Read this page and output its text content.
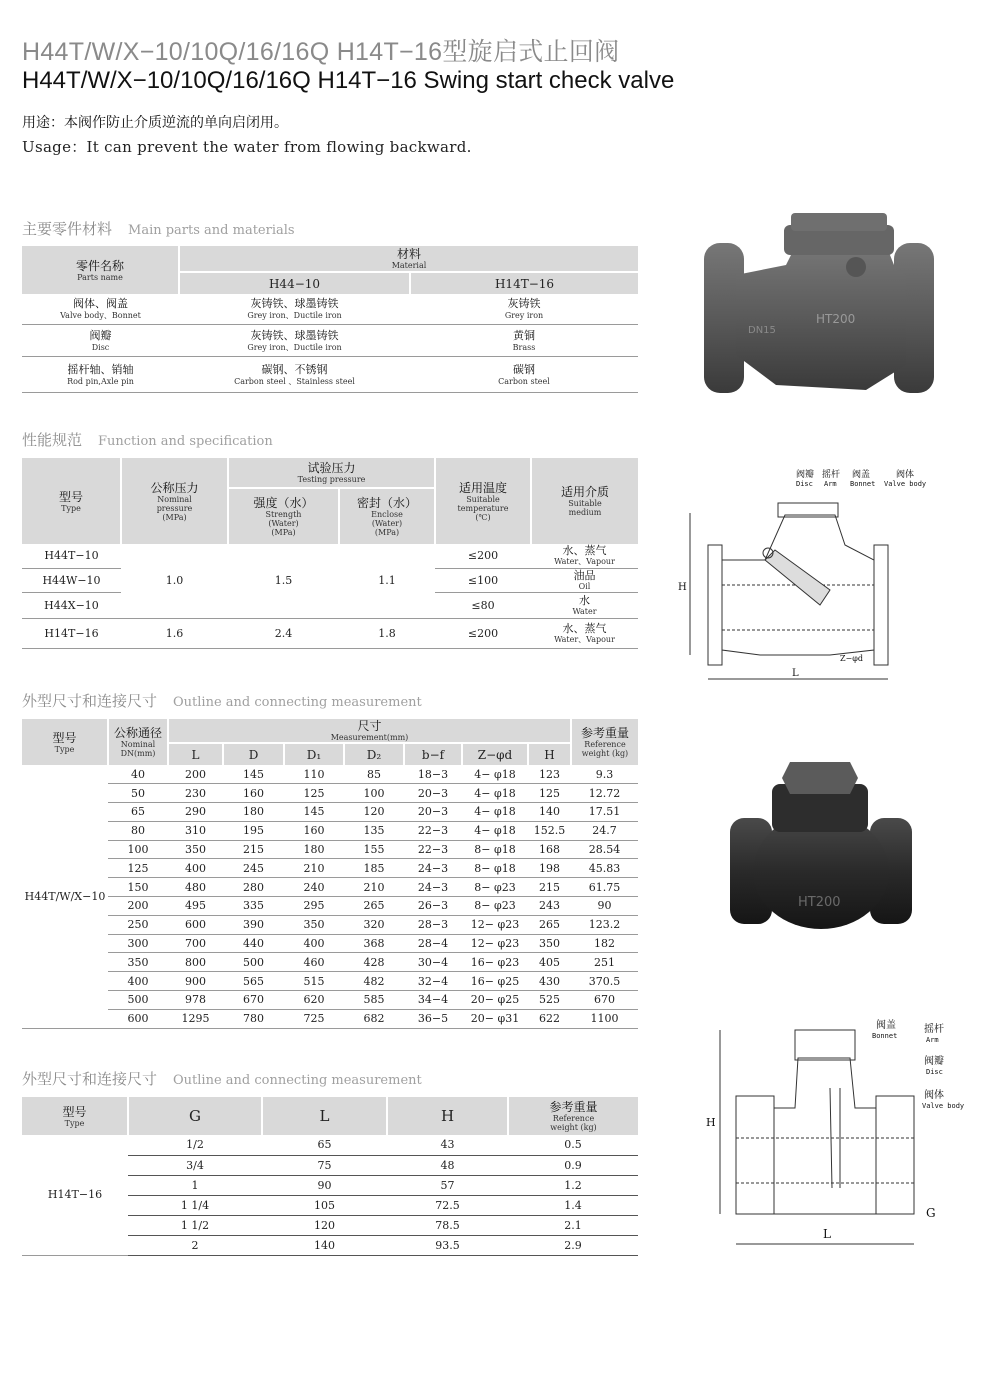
H44T/W/X−10/10Q/16/16Q H14T−16型旋启式止回阀
H44T/W/X−10/10Q/16/16Q H14T−16 Swing start check valve
用途：本阀作防止介质逆流的单向启闭用。
Usage：It can prevent the water from flowing backward.
主要零件材料 Main parts and materials
零件名称
Parts name	材料
Material	

	H44−10	H14T−16

阀体、阀盖
Valve body、Bonnet	灰铸铁、球墨铸铁
Grey iron、Ductile iron	灰铸铁
Grey iron

阀瓣
Disc	灰铸铁、球墨铸铁
Grey iron、Ductile iron	黄铜
Brass

摇杆轴、销轴
Rod pin,Axle pin	碳钢、不锈钢
Carbon steel 、Stainless steel	碳钢
Carbon steel
性能规范 Function and specification
型号
Type	公称压力
Nominal
pressure
(MPa)	试验压力
Testing pressure		适用温度
Suitable
temperature
(℃)	适用介质
Suitable
medium

		强度（水）
Strength
(Water)
(MPa)	密封（水）
Enclose
(Water)
(MPa)		

H44T−10	1.0	1.5	1.1	≤200	水、蒸气
Water、Vapour

H44W−10				≤100	油品
Oil

H44X−10				≤80	水
Water

H14T−16	1.6	2.4	1.8	≤200	水、蒸气
Water、Vapour
外型尺寸和连接尺寸 Outline and connecting measurement
型号
Type	公称通径
Nominal
DN(mm)	尺寸
Measurement(mm)							参考重量
Reference
weight (kg)

		L	D	D₁	D₂	b−f	Z−φd	H	
H44T/W/X−10	40	200	145	110	85	18−3	4− φ18	123	9.3
	50	230	160	125	100	20−3	4− φ18	125	12.72
	65	290	180	145	120	20−3	4− φ18	140	17.51
	80	310	195	160	135	22−3	4− φ18	152.5	24.7
	100	350	215	180	155	22−3	8− φ18	168	28.54
	125	400	245	210	185	24−3	8− φ18	198	45.83
	150	480	280	240	210	24−3	8− φ23	215	61.75
	200	495	335	295	265	26−3	8− φ23	243	90
	250	600	390	350	320	28−3	12− φ23	265	123.2
	300	700	440	400	368	28−4	12− φ23	350	182
	350	800	500	460	428	30−4	16− φ23	405	251
	400	900	565	515	482	32−4	16− φ25	430	370.5
	500	978	670	620	585	34−4	20− φ25	525	670
	600	1295	780	725	682	36−5	20− φ31	622	1100
外型尺寸和连接尺寸 Outline and connecting measurement
型号
Type	G	L	H	参考重量
Reference
weight (kg)

H14T−16	1/2	65	43	0.5
	3/4	75	48	0.9
	1	90	57	1.2
	1 1/4	105	72.5	1.4
	1 1/2	120	78.5	2.1
	2	140	93.5	2.9
HT200
DN15
H
L
Z−φd
阀瓣
Disc
摇杆
Arm
阀盖
Bonnet
阀体
Valve body
HT200
H
L
G
阀盖
Bonnet
摇杆
Arm
阀瓣
Disc
阀体
Valve body
